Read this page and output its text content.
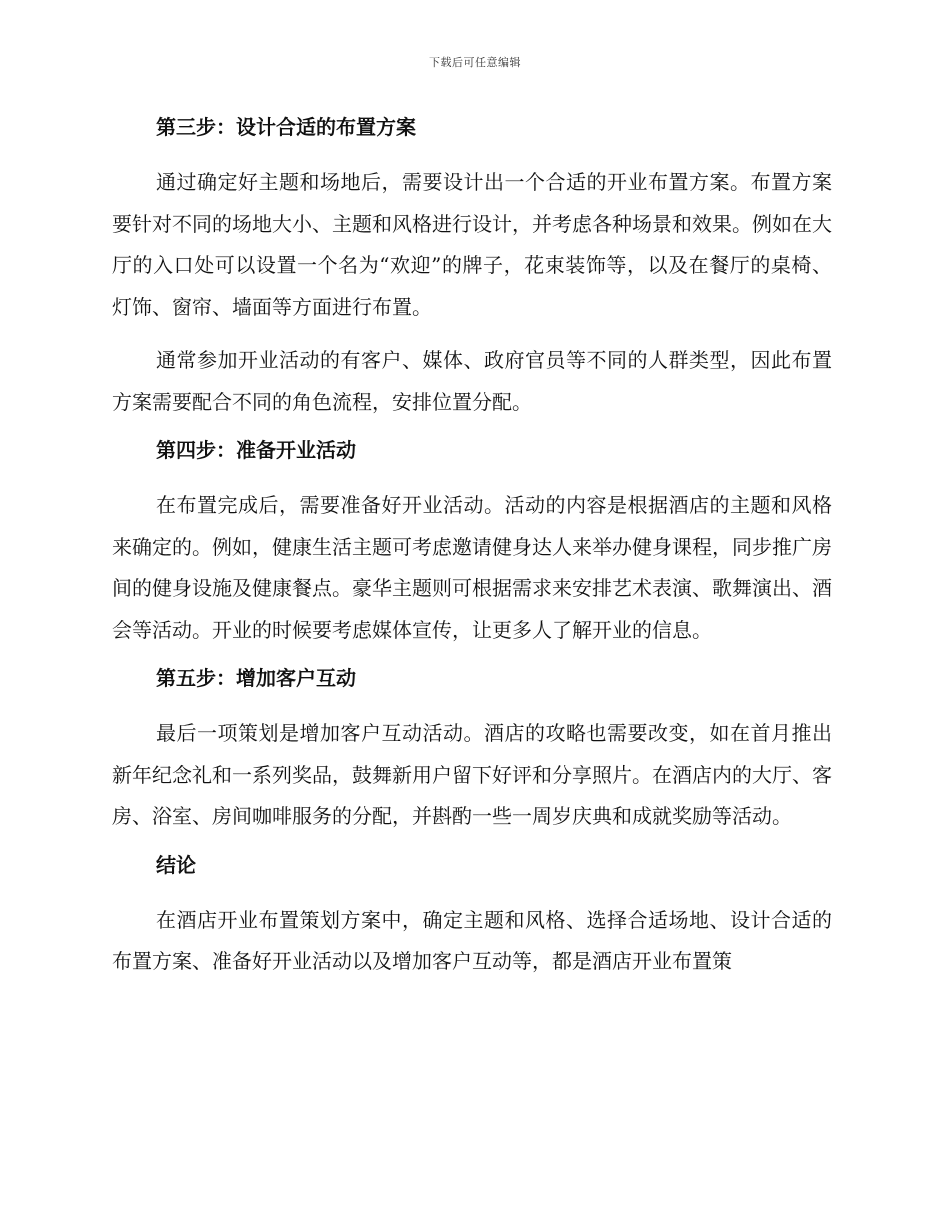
下载后可任意编辑
第三步：设计合适的布置方案

通过确定好主题和场地后，需要设计出一个合适的开业布置方案。布置方案要针对不同的场地大小、主题和风格进行设计，并考虑各种场景和效果。例如在大厅的入口处可以设置一个名为“欢迎”的牌子，花束装饰等，以及在餐厅的桌椅、灯饰、窗帘、墙面等方面进行布置。

通常参加开业活动的有客户、媒体、政府官员等不同的人群类型，因此布置方案需要配合不同的角色流程，安排位置分配。

第四步：准备开业活动

在布置完成后，需要准备好开业活动。活动的内容是根据酒店的主题和风格来确定的。例如，健康生活主题可考虑邀请健身达人来举办健身课程，同步推广房间的健身设施及健康餐点。豪华主题则可根据需求来安排艺术表演、歌舞演出、酒会等活动。开业的时候要考虑媒体宣传，让更多人了解开业的信息。

第五步：增加客户互动

最后一项策划是增加客户互动活动。酒店的攻略也需要改变，如在首月推出新年纪念礼和一系列奖品，鼓舞新用户留下好评和分享照片。在酒店内的大厅、客房、浴室、房间咖啡服务的分配，并斟酌一些一周岁庆典和成就奖励等活动。

结论

在酒店开业布置策划方案中，确定主题和风格、选择合适场地、设计合适的布置方案、准备好开业活动以及增加客户互动等，都是酒店开业布置策
